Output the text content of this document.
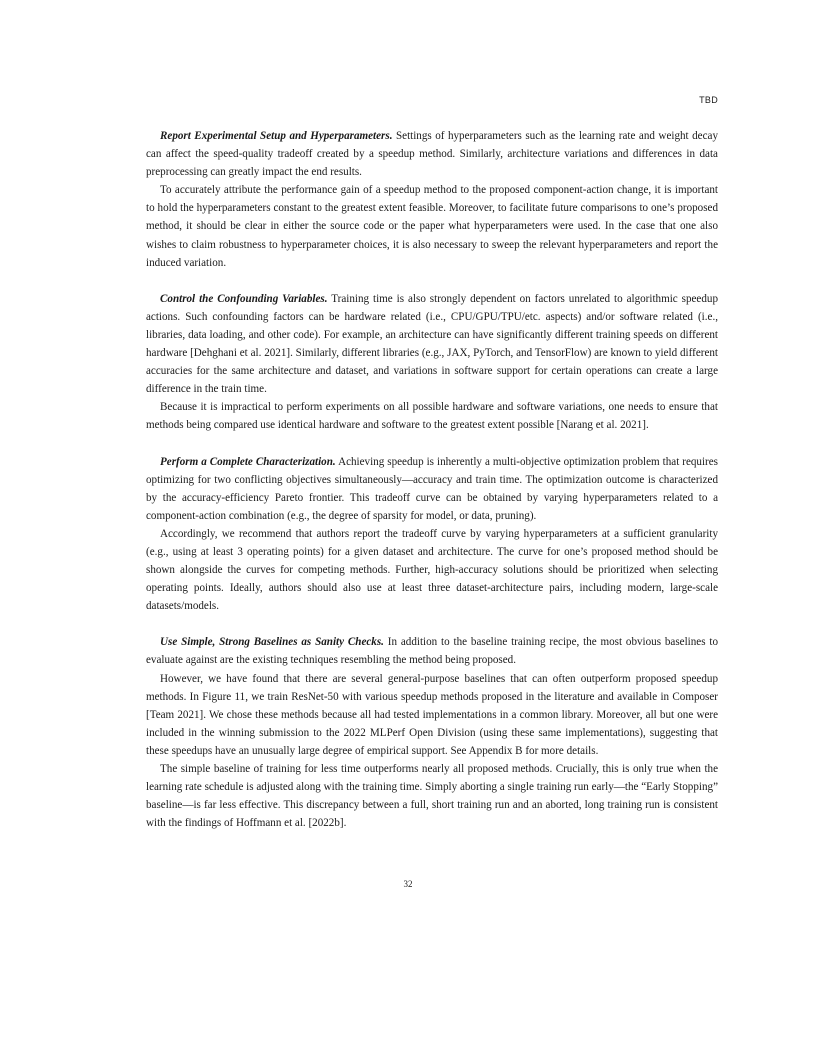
TBD

Report Experimental Setup and Hyperparameters. Settings of hyperparameters such as the learning rate and weight decay can affect the speed-quality tradeoff created by a speedup method. Similarly, architecture variations and differences in data preprocessing can greatly impact the end results.

To accurately attribute the performance gain of a speedup method to the proposed component-action change, it is important to hold the hyperparameters constant to the greatest extent feasible. Moreover, to facilitate future comparisons to one’s proposed method, it should be clear in either the source code or the paper what hyperparameters were used. In the case that one also wishes to claim robustness to hyperparameter choices, it is also necessary to sweep the relevant hyperparameters and report the induced variation.

Control the Confounding Variables. Training time is also strongly dependent on factors unrelated to algorithmic speedup actions. Such confounding factors can be hardware related (i.e., CPU/GPU/TPU/etc. aspects) and/or software related (i.e., libraries, data loading, and other code). For example, an architecture can have significantly different training speeds on different hardware [Dehghani et al. 2021]. Similarly, different libraries (e.g., JAX, PyTorch, and TensorFlow) are known to yield different accuracies for the same architecture and dataset, and variations in software support for certain operations can create a large difference in the train time.

Because it is impractical to perform experiments on all possible hardware and software variations, one needs to ensure that methods being compared use identical hardware and software to the greatest extent possible [Narang et al. 2021].

Perform a Complete Characterization. Achieving speedup is inherently a multi-objective optimization problem that requires optimizing for two conflicting objectives simultaneously—accuracy and train time. The optimization outcome is characterized by the accuracy-efficiency Pareto frontier. This tradeoff curve can be obtained by varying hyperparameters related to a component-action combination (e.g., the degree of sparsity for model, or data, pruning).

Accordingly, we recommend that authors report the tradeoff curve by varying hyperparameters at a sufficient granularity (e.g., using at least 3 operating points) for a given dataset and architecture. The curve for one’s proposed method should be shown alongside the curves for competing methods. Further, high-accuracy solutions should be prioritized when selecting operating points. Ideally, authors should also use at least three dataset-architecture pairs, including modern, large-scale datasets/models.

Use Simple, Strong Baselines as Sanity Checks. In addition to the baseline training recipe, the most obvious baselines to evaluate against are the existing techniques resembling the method being proposed.

However, we have found that there are several general-purpose baselines that can often outperform proposed speedup methods. In Figure 11, we train ResNet-50 with various speedup methods proposed in the literature and available in Composer [Team 2021]. We chose these methods because all had tested implementations in a common library. Moreover, all but one were included in the winning submission to the 2022 MLPerf Open Division (using these same implementations), suggesting that these speedups have an unusually large degree of empirical support. See Appendix B for more details.

The simple baseline of training for less time outperforms nearly all proposed methods. Crucially, this is only true when the learning rate schedule is adjusted along with the training time. Simply aborting a single training run early—the “Early Stopping” baseline—is far less effective. This discrepancy between a full, short training run and an aborted, long training run is consistent with the findings of Hoffmann et al. [2022b].

32
